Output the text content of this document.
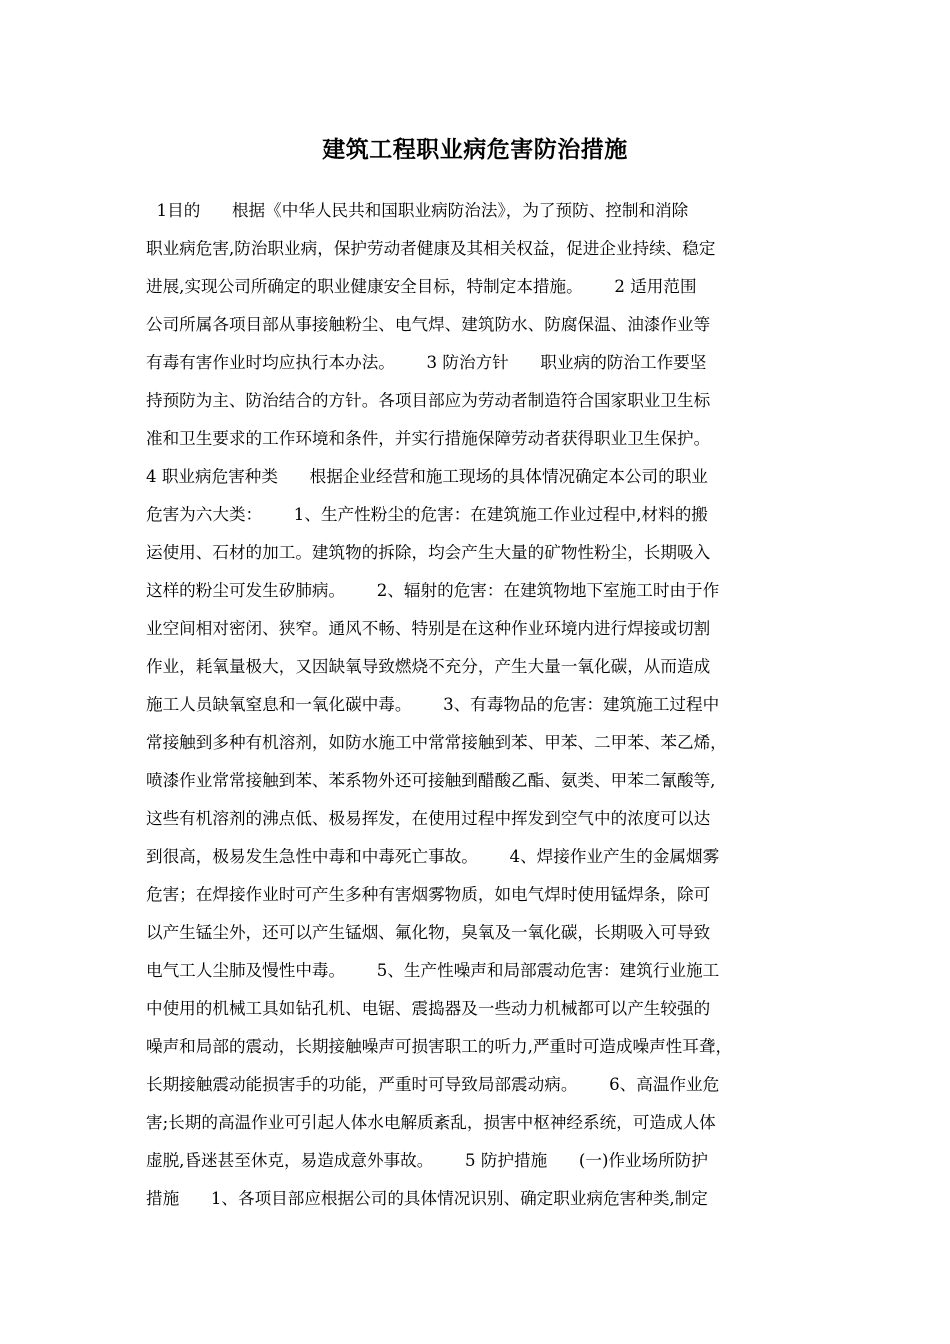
建筑工程职业病危害防治措施
1目的      根据《中华人民共和国职业病防治法》，为了预防、控制和消除
职业病危害,防治职业病，保护劳动者健康及其相关权益，促进企业持续、稳定
进展,实现公司所确定的职业健康安全目标，特制定本措施。      2 适用范围
公司所属各项目部从事接触粉尘、电气焊、建筑防水、防腐保温、油漆作业等
有毒有害作业时均应执行本办法。      3 防治方针      职业病的防治工作要坚
持预防为主、防治结合的方针。各项目部应为劳动者制造符合国家职业卫生标
准和卫生要求的工作环境和条件，并实行措施保障劳动者获得职业卫生保护。
4 职业病危害种类      根据企业经营和施工现场的具体情况确定本公司的职业
危害为六大类：      1、生产性粉尘的危害：在建筑施工作业过程中,材料的搬
运使用、石材的加工。建筑物的拆除，均会产生大量的矿物性粉尘，长期吸入
这样的粉尘可发生矽肺病。      2、辐射的危害：在建筑物地下室施工时由于作
业空间相对密闭、狭窄。通风不畅、特别是在这种作业环境内进行焊接或切割
作业，耗氧量极大，又因缺氧导致燃烧不充分，产生大量一氧化碳，从而造成
施工人员缺氧窒息和一氧化碳中毒。      3、有毒物品的危害：建筑施工过程中
常接触到多种有机溶剂，如防水施工中常常接触到苯、甲苯、二甲苯、苯乙烯，
喷漆作业常常接触到苯、苯系物外还可接触到醋酸乙酯、氨类、甲苯二氰酸等,
这些有机溶剂的沸点低、极易挥发，在使用过程中挥发到空气中的浓度可以达
到很高，极易发生急性中毒和中毒死亡事故。      4、焊接作业产生的金属烟雾
危害；在焊接作业时可产生多种有害烟雾物质，如电气焊时使用锰焊条，除可
以产生锰尘外，还可以产生锰烟、氟化物，臭氧及一氧化碳，长期吸入可导致
电气工人尘肺及慢性中毒。      5、生产性噪声和局部震动危害：建筑行业施工
中使用的机械工具如钻孔机、电锯、震捣器及一些动力机械都可以产生较强的
噪声和局部的震动，长期接触噪声可损害职工的听力,严重时可造成噪声性耳聋，
长期接触震动能损害手的功能，严重时可导致局部震动病。      6、高温作业危
害;长期的高温作业可引起人体水电解质紊乱，损害中枢神经系统，可造成人体
虚脱,昏迷甚至休克，易造成意外事故。      5 防护措施      (一)作业场所防护
措施      1、各项目部应根据公司的具体情况识别、确定职业病危害种类,制定
